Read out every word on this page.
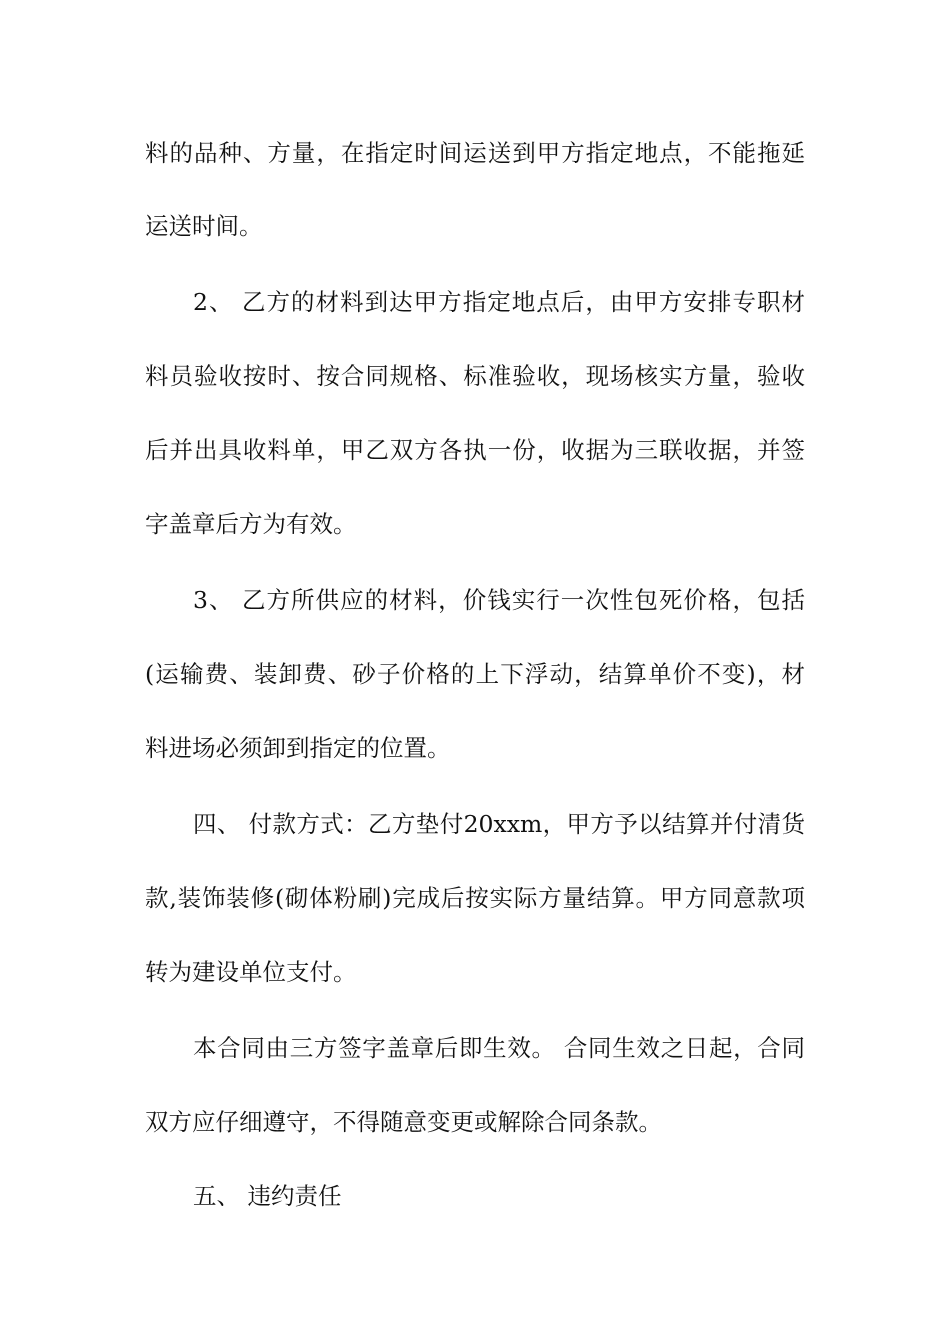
料的品种、方量，在指定时间运送到甲方指定地点，不能拖延
运送时间。
2、 乙方的材料到达甲方指定地点后，由甲方安排专职材
料员验收按时、按合同规格、标准验收，现场核实方量，验收
后并出具收料单，甲乙双方各执一份，收据为三联收据，并签
字盖章后方为有效。
3、 乙方所供应的材料，价钱实行一次性包死价格，包括
(运输费、装卸费、砂子价格的上下浮动，结算单价不变)，材
料进场必须卸到指定的位置。
四、 付款方式：乙方垫付20xxm，甲方予以结算并付清货
款,装饰装修(砌体粉刷)完成后按实际方量结算。甲方同意款项
转为建设单位支付。
本合同由三方签字盖章后即生效。 合同生效之日起，合同
双方应仔细遵守，不得随意变更或解除合同条款。
五、 违约责任
